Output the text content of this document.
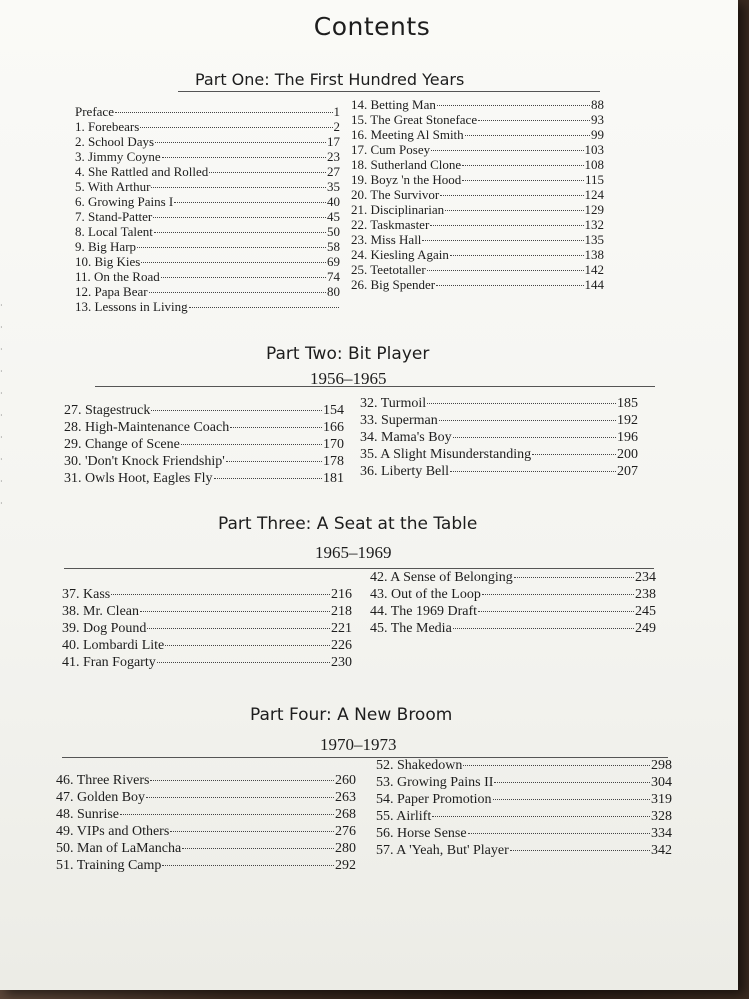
·
·
·
·
·
·
·
·
·
·
Contents
Part One: The First Hundred Years
Preface	1
1. Forebears	2
2. School Days	17
3. Jimmy Coyne	23
4. She Rattled and Rolled	27
5. With Arthur	35
6. Growing Pains I	40
7. Stand-Patter	45
8. Local Talent	50
9. Big Harp	58
10. Big Kies	69
11. On the Road	74
12. Papa Bear	80
13. Lessons in Living
14. Betting Man	88
15. The Great Stoneface	93
16. Meeting Al Smith	99
17. Cum Posey	103
18. Sutherland Clone	108
19. Boyz 'n the Hood	115
20. The Survivor	124
21. Disciplinarian	129
22. Taskmaster	132
23. Miss Hall	135
24. Kiesling Again	138
25. Teetotaller	142
26. Big Spender	144
Part Two: Bit Player
1956–1965
27. Stagestruck	154
28. High-Maintenance Coach	166
29. Change of Scene	170
30. 'Don't Knock Friendship'	178
31. Owls Hoot, Eagles Fly	181
32. Turmoil	185
33. Superman	192
34. Mama's Boy	196
35. A Slight Misunderstanding	200
36. Liberty Bell	207
Part Three: A Seat at the Table
1965–1969
37. Kass	216
38. Mr. Clean	218
39. Dog Pound	221
40. Lombardi Lite	226
41. Fran Fogarty	230
42. A Sense of Belonging	234
43. Out of the Loop	238
44. The 1969 Draft	245
45. The Media	249
Part Four: A New Broom
1970–1973
46. Three Rivers	260
47. Golden Boy	263
48. Sunrise	268
49. VIPs and Others	276
50. Man of LaMancha	280
51. Training Camp	292
52. Shakedown	298
53. Growing Pains II	304
54. Paper Promotion	319
55. Airlift	328
56. Horse Sense	334
57. A 'Yeah, But' Player	342
